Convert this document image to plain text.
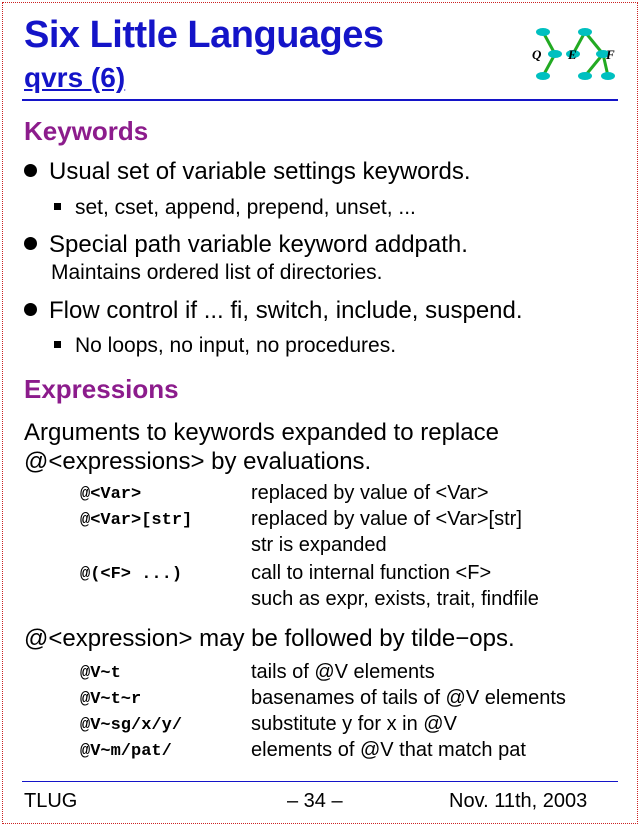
Six Little Languages
qvrs (6)
Q E F
Keywords
Usual set of variable settings keywords.
set, cset, append, prepend, unset, ...
Special path variable keyword addpath.
Maintains ordered list of directories.
Flow control if ... fi, switch, include, suspend.
No loops, no input, no procedures.
Expressions
Arguments to keywords expanded to replace
@<expressions> by evaluations.
@<Var>	replaced by value of <Var>
@<Var>[str]	replaced by value of <Var>[str]
str is expanded
@(<F> ...)	call to internal function <F>
such as expr, exists, trait, findfile
@<expression> may be followed by tilde−ops.
@V~t	tails of @V elements
@V~t~r	basenames of tails of @V elements
@V~sg/x/y/	substitute y for x in @V
@V~m/pat/	elements of @V that match pat
TLUG	– 34 –	Nov. 11th, 2003
